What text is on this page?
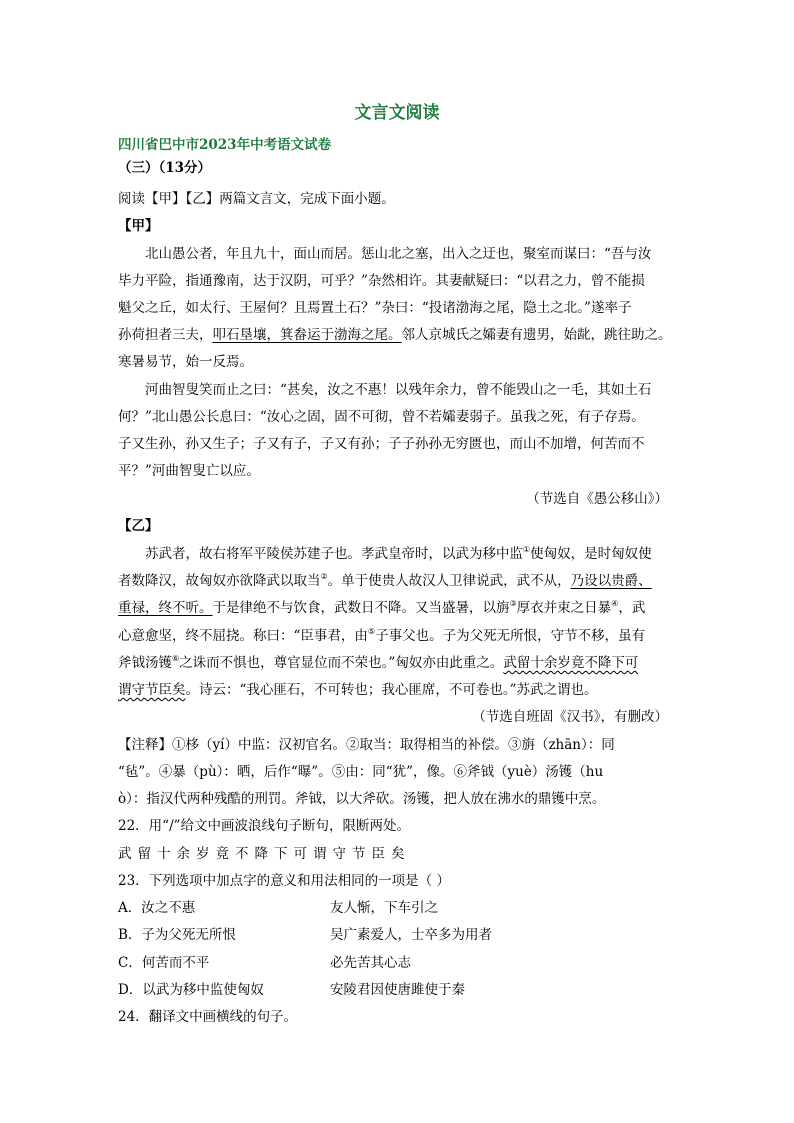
文言文阅读
四川省巴中市2023年中考语文试卷
（三）（13分）
阅读【甲】【乙】两篇文言文，完成下面小题。
【甲】
北山愚公者，年且九十，面山而居。惩山北之塞，出入之迂也，聚室而谋曰：“吾与汝
毕力平险，指通豫南，达于汉阴，可乎？”杂然相许。其妻献疑曰：“以君之力，曾不能损
魁父之丘，如太行、王屋何？且焉置土石？”杂曰：“投诸渤海之尾，隐土之北。”遂率子
孙荷担者三夫，叩石垦壤，箕畚运于渤海之尾。邻人京城氏之孀妻有遗男，始龀，跳往助之。
寒暑易节，始一反焉。
河曲智叟笑而止之曰：“甚矣，汝之不惠！以残年余力，曾不能毁山之一毛，其如土石
何？”北山愚公长息曰：“汝心之固，固不可彻，曾不若孀妻弱子。虽我之死，有子存焉。
子又生孙，孙又生子；子又有子，子又有孙；子子孙孙无穷匮也，而山不加增，何苦而不
平？”河曲智叟亡以应。
（节选自《愚公移山》）
【乙】
苏武者，故右将军平陵侯苏建子也。孝武皇帝时，以武为移中监①使匈奴，是时匈奴使
者数降汉，故匈奴亦欲降武以取当②。单于使贵人故汉人卫律说武，武不从，乃设以贵爵、
重禄，终不听。于是律绝不与饮食，武数日不降。又当盛暑，以旃③厚衣并束之日暴④，武
心意愈坚，终不屈挠。称曰：“臣事君，由⑤子事父也。子为父死无所恨，守节不移，虽有
斧钺汤镬⑥之诛而不惧也，尊官显位而不荣也。”匈奴亦由此重之。武留十余岁竟不降下可
谓守节臣矣。诗云：“我心匪石，不可转也；我心匪席，不可卷也。”苏武之谓也。
（节选自班固《汉书》，有删改）
【注释】①栘（yí）中监：汉初官名。②取当：取得相当的补偿。③旃（zhān）：同
“毡”。④暴（pù）：晒，后作“曝”。⑤由：同“犹”，像。⑥斧钺（yuè）汤镬（hu
ò）：指汉代两种残酷的刑罚。斧钺，以大斧砍。汤镬，把人放在沸水的鼎镬中烹。
22．用“/”给文中画波浪线句子断句，限断两处。
武留十余岁竟不降下可谓守节臣矣
23．下列选项中加点字的意义和用法相同的一项是（ ）
A．汝之不惠	友人惭，下车引之
B．子为父死无所恨	吴广素爱人，士卒多为用者
C．何苦而不平	必先苦其心志
D．以武为移中监使匈奴	安陵君因使唐雎使于秦
24．翻译文中画横线的句子。
